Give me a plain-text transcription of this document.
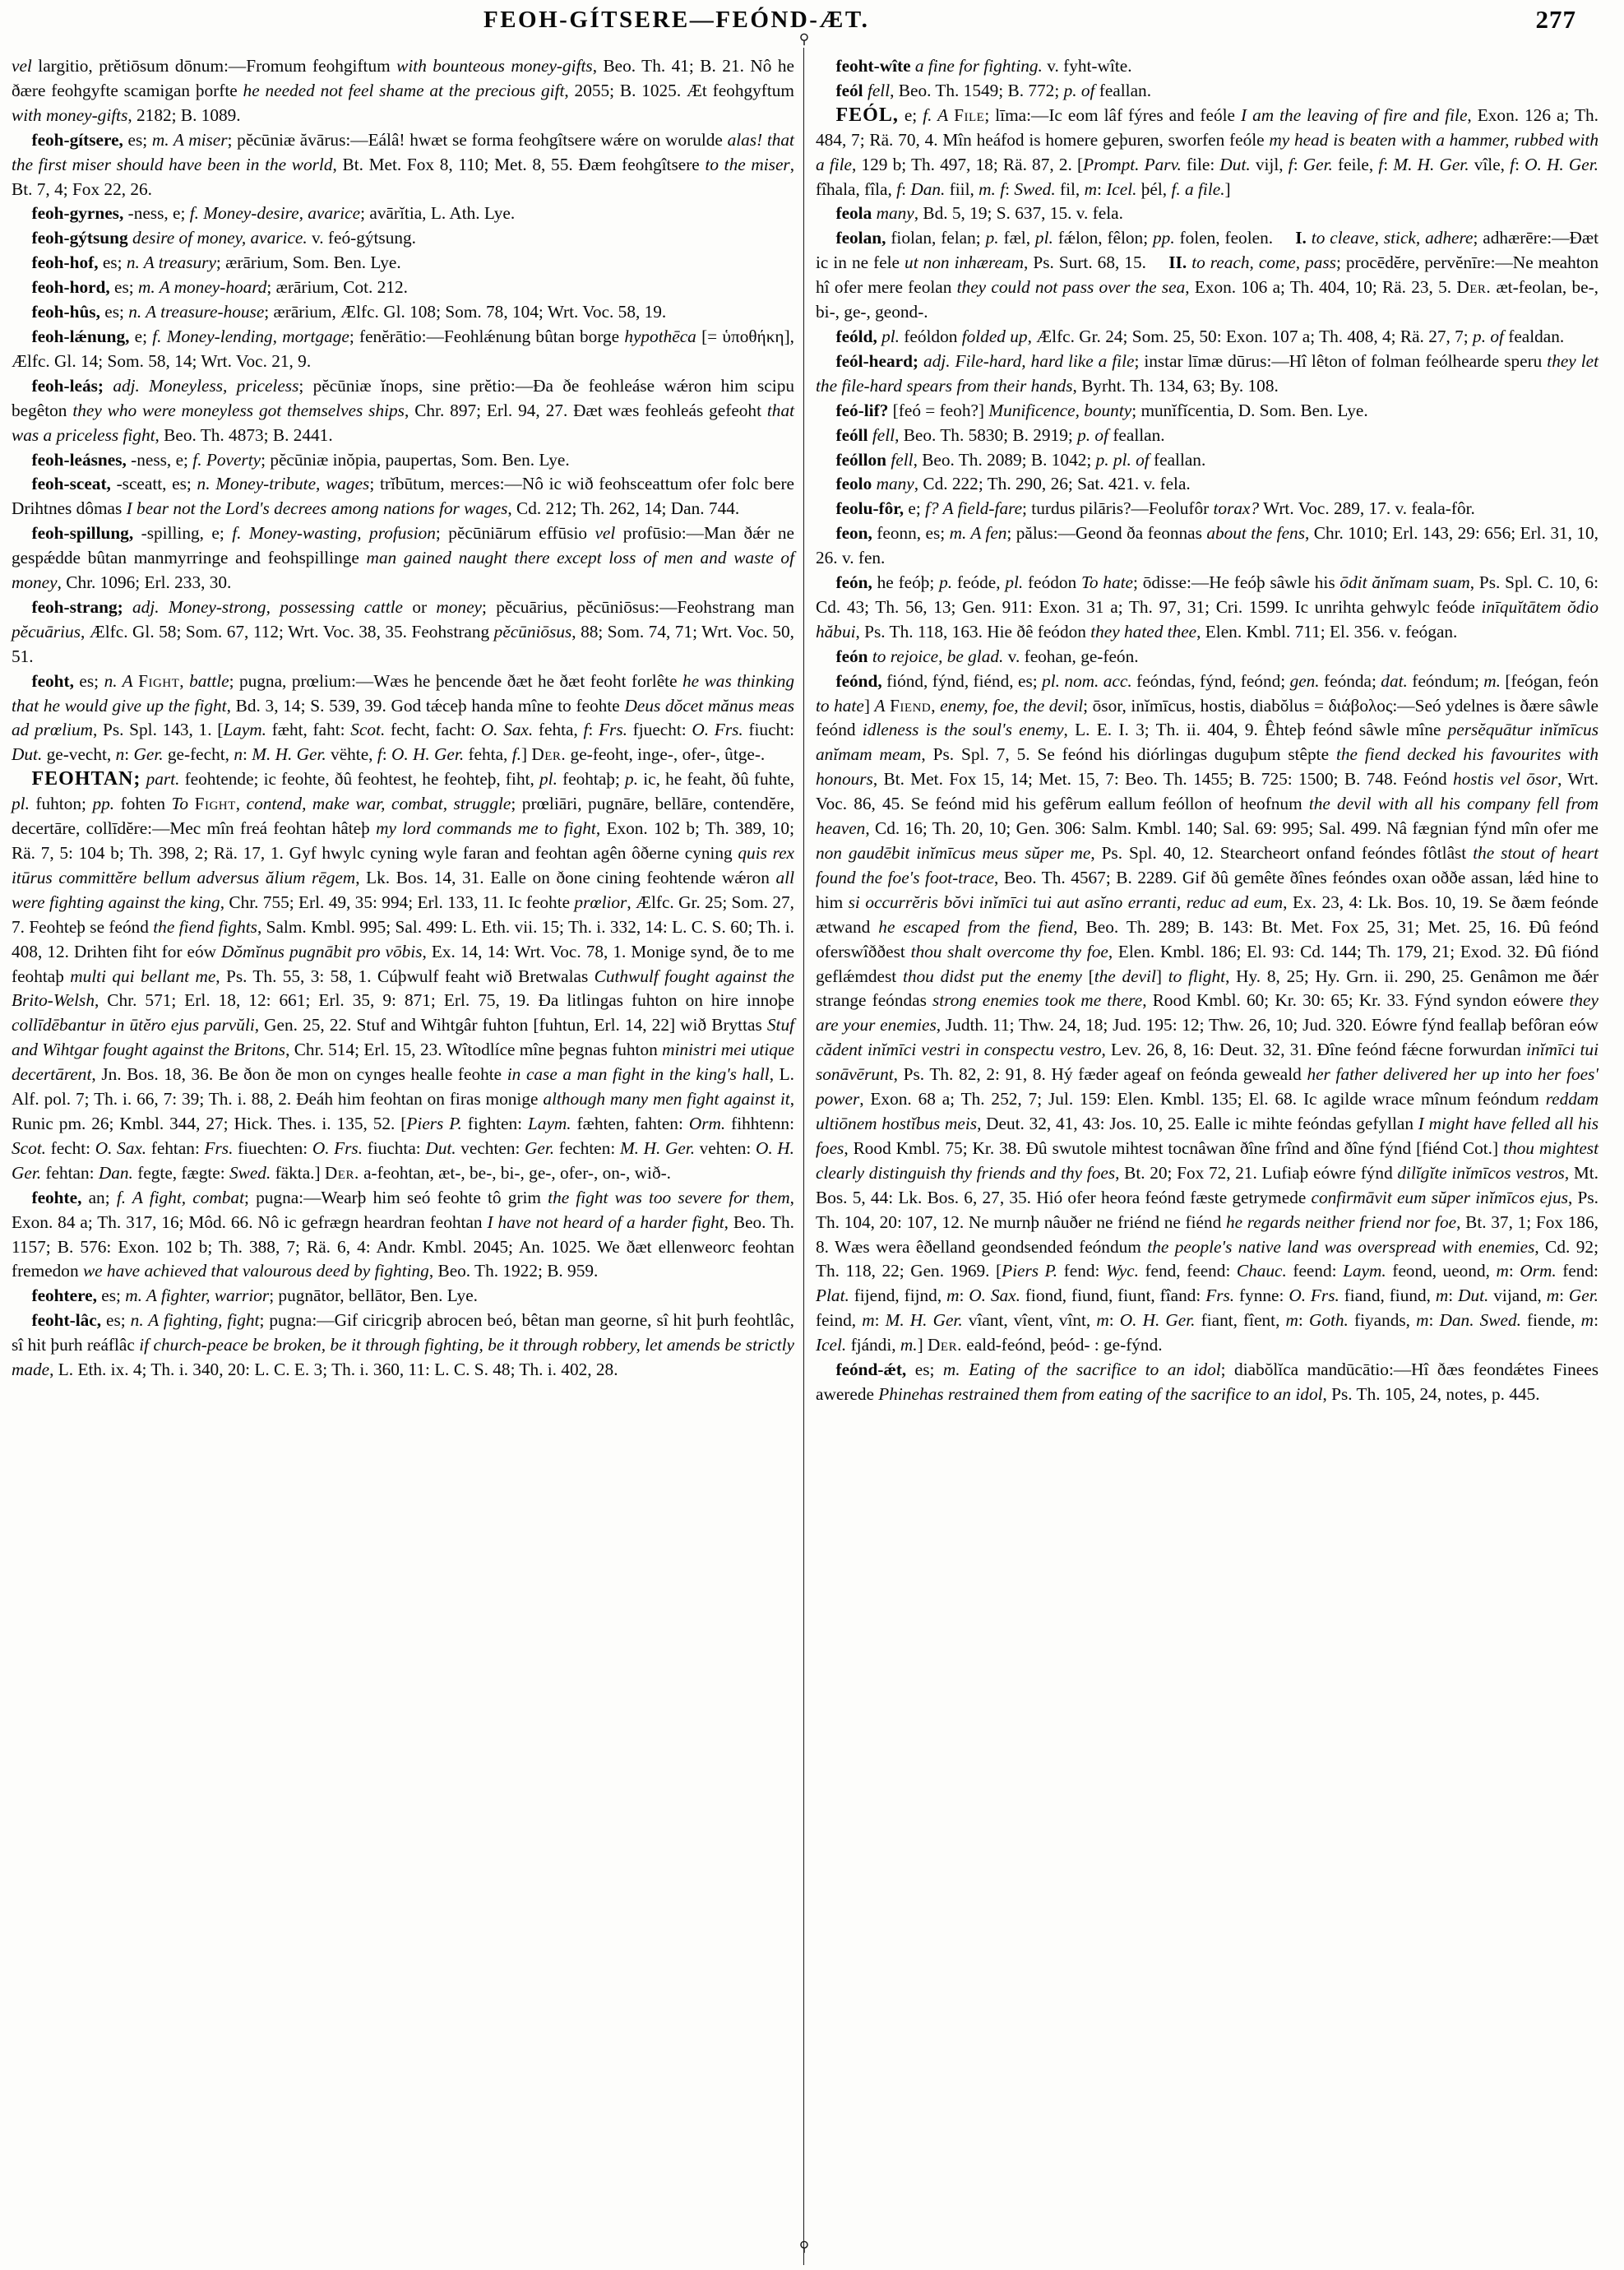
FEOH-GÍTSERE—FEÓND-ÆT.	277
⚲
⚲

vel largitio, prĕtiōsum dōnum:—Fromum feohgiftum with bounteous money-gifts, Beo. Th. 41; B. 21. Nô he ðære feohgyfte scamigan þorfte he needed not feel shame at the precious gift, 2055; B. 1025. Æt feohgyftum with money-gifts, 2182; B. 1089.

feoh-gítsere, es; m. A miser; pĕcūniæ ăvārus:—Eálâ! hwæt se forma feohgîtsere wǽre on worulde alas! that the first miser should have been in the world, Bt. Met. Fox 8, 110; Met. 8, 55. Ðæm feohgîtsere to the miser, Bt. 7, 4; Fox 22, 26.

feoh-gyrnes, -ness, e; f. Money-desire, avarice; avārĭtia, L. Ath. Lye.

feoh-gýtsung desire of money, avarice. v. feó-gýtsung.

feoh-hof, es; n. A treasury; ærārium, Som. Ben. Lye.

feoh-hord, es; m. A money-hoard; ærārium, Cot. 212.

feoh-hûs, es; n. A treasure-house; ærārium, Ælfc. Gl. 108; Som. 78, 104; Wrt. Voc. 58, 19.

feoh-lǽnung, e; f. Money-lending, mortgage; fenĕrātio:—Feohlǽnung bûtan borge hypothēca [= ὑποθήκη], Ælfc. Gl. 14; Som. 58, 14; Wrt. Voc. 21, 9.

feoh-leás; adj. Moneyless, priceless; pĕcūniæ ĭnops, sine prĕtio:—Ða ðe feohleáse wǽron him scipu begêton they who were moneyless got themselves ships, Chr. 897; Erl. 94, 27. Ðæt wæs feohleás gefeoht that was a priceless fight, Beo. Th. 4873; B. 2441.

feoh-leásnes, -ness, e; f. Poverty; pĕcūniæ inŏpia, paupertas, Som. Ben. Lye.

feoh-sceat, -sceatt, es; n. Money-tribute, wages; trĭbūtum, merces:—Nô ic wið feohsceattum ofer folc bere Drihtnes dômas I bear not the Lord's decrees among nations for wages, Cd. 212; Th. 262, 14; Dan. 744.

feoh-spillung, -spilling, e; f. Money-wasting, profusion; pĕcūniārum effūsio vel profūsio:—Man ðǽr ne gespǽdde bûtan manmyrringe and feohspillinge man gained naught there except loss of men and waste of money, Chr. 1096; Erl. 233, 30.

feoh-strang; adj. Money-strong, possessing cattle or money; pĕcuārius, pĕcūniōsus:—Feohstrang man pĕcuārius, Ælfc. Gl. 58; Som. 67, 112; Wrt. Voc. 38, 35. Feohstrang pĕcūniōsus, 88; Som. 74, 71; Wrt. Voc. 50, 51.

feoht, es; n. A Fight, battle; pugna, prœlium:—Wæs he þencende ðæt he ðæt feoht forlête he was thinking that he would give up the fight, Bd. 3, 14; S. 539, 39. God tǽceþ handa mîne to feohte Deus dŏcet mănus meas ad prœlium, Ps. Spl. 143, 1. [Laym. fæht, faht: Scot. fecht, facht: O. Sax. fehta, f: Frs. fjuecht: O. Frs. fiucht: Dut. ge-vecht, n: Ger. ge-fecht, n: M. H. Ger. vëhte, f: O. H. Ger. fehta, f.] Der. ge-feoht, inge-, ofer-, ûtge-.

FEOHTAN; part. feohtende; ic feohte, ðû feohtest, he feohteþ, fiht, pl. feohtaþ; p. ic, he feaht, ðû fuhte, pl. fuhton; pp. fohten To Fight, contend, make war, combat, struggle; prœliāri, pugnāre, bellāre, contendĕre, decertāre, collīdĕre:—Mec mîn freá feohtan hâteþ my lord commands me to fight, Exon. 102 b; Th. 389, 10; Rä. 7, 5: 104 b; Th. 398, 2; Rä. 17, 1. Gyf hwylc cyning wyle faran and feohtan agên ôðerne cyning quis rex itūrus committĕre bellum adversus ălium rēgem, Lk. Bos. 14, 31. Ealle on ðone cining feohtende wǽron all were fighting against the king, Chr. 755; Erl. 49, 35: 994; Erl. 133, 11. Ic feohte prœlior, Ælfc. Gr. 25; Som. 27, 7. Feohteþ se feónd the fiend fights, Salm. Kmbl. 995; Sal. 499: L. Eth. vii. 15; Th. i. 332, 14: L. C. S. 60; Th. i. 408, 12. Drihten fiht for eów Dŏmĭnus pugnābit pro vōbis, Ex. 14, 14: Wrt. Voc. 78, 1. Monige synd, ðe to me feohtaþ multi qui bellant me, Ps. Th. 55, 3: 58, 1. Cúþwulf feaht wið Bretwalas Cuthwulf fought against the Brito-Welsh, Chr. 571; Erl. 18, 12: 661; Erl. 35, 9: 871; Erl. 75, 19. Ða litlingas fuhton on hire innoþe collīdēbantur in ūtĕro ejus parvŭli, Gen. 25, 22. Stuf and Wihtgâr fuhton [fuhtun, Erl. 14, 22] wið Bryttas Stuf and Wihtgar fought against the Britons, Chr. 514; Erl. 15, 23. Wîtodlíce mîne þegnas fuhton ministri mei utique decertārent, Jn. Bos. 18, 36. Be ðon ðe mon on cynges healle feohte in case a man fight in the king's hall, L. Alf. pol. 7; Th. i. 66, 7: 39; Th. i. 88, 2. Ðeáh him feohtan on firas monige although many men fight against it, Runic pm. 26; Kmbl. 344, 27; Hick. Thes. i. 135, 52. [Piers P. fighten: Laym. fæhten, fahten: Orm. fihhtenn: Scot. fecht: O. Sax. fehtan: Frs. fiuechten: O. Frs. fiuchta: Dut. vechten: Ger. fechten: M. H. Ger. vehten: O. H. Ger. fehtan: Dan. fegte, fægte: Swed. fäkta.] Der. a-feohtan, æt-, be-, bi-, ge-, ofer-, on-, wið-.

feohte, an; f. A fight, combat; pugna:—Wearþ him seó feohte tô grim the fight was too severe for them, Exon. 84 a; Th. 317, 16; Môd. 66. Nô ic gefrægn heardran feohtan I have not heard of a harder fight, Beo. Th. 1157; B. 576: Exon. 102 b; Th. 388, 7; Rä. 6, 4: Andr. Kmbl. 2045; An. 1025. We ðæt ellenweorc feohtan fremedon we have achieved that valourous deed by fighting, Beo. Th. 1922; B. 959.

feohtere, es; m. A fighter, warrior; pugnātor, bellātor, Ben. Lye.

feoht-lâc, es; n. A fighting, fight; pugna:—Gif ciricgriþ abrocen beó, bêtan man georne, sî hit þurh feohtlâc, sî hit þurh reáflâc if church-peace be broken, be it through fighting, be it through robbery, let amends be strictly made, L. Eth. ix. 4; Th. i. 340, 20: L. C. E. 3; Th. i. 360, 11: L. C. S. 48; Th. i. 402, 28.

feoht-wîte a fine for fighting. v. fyht-wîte.

feól fell, Beo. Th. 1549; B. 772; p. of feallan.

FEÓL, e; f. A File; līma:—Ic eom lâf fýres and feóle I am the leaving of fire and file, Exon. 126 a; Th. 484, 7; Rä. 70, 4. Mîn heáfod is homere geþuren, sworfen feóle my head is beaten with a hammer, rubbed with a file, 129 b; Th. 497, 18; Rä. 87, 2. [Prompt. Parv. file: Dut. vijl, f: Ger. feile, f: M. H. Ger. vîle, f: O. H. Ger. fîhala, fîla, f: Dan. fiil, m. f: Swed. fil, m: Icel. þél, f. a file.]

feola many, Bd. 5, 19; S. 637, 15. v. fela.

feolan, fiolan, felan; p. fæl, pl. fǽlon, fêlon; pp. folen, feolen.  I. to cleave, stick, adhere; adhærēre:—Ðæt ic in ne fele ut non inhæream, Ps. Surt. 68, 15.  II. to reach, come, pass; procēdĕre, pervĕnīre:—Ne meahton hî ofer mere feolan they could not pass over the sea, Exon. 106 a; Th. 404, 10; Rä. 23, 5. Der. æt-feolan, be-, bi-, ge-, geond-.

feóld, pl. feóldon folded up, Ælfc. Gr. 24; Som. 25, 50: Exon. 107 a; Th. 408, 4; Rä. 27, 7; p. of fealdan.

feól-heard; adj. File-hard, hard like a file; instar līmæ dūrus:—Hî lêton of folman feólhearde speru they let the file-hard spears from their hands, Byrht. Th. 134, 63; By. 108.

feó-lif? [feó = feoh?] Munificence, bounty; munĭfĭcentia, D. Som. Ben. Lye.

feóll fell, Beo. Th. 5830; B. 2919; p. of feallan.

feóllon fell, Beo. Th. 2089; B. 1042; p. pl. of feallan.

feolo many, Cd. 222; Th. 290, 26; Sat. 421. v. fela.

feolu-fôr, e; f? A field-fare; turdus pilāris?—Feolufôr torax? Wrt. Voc. 289, 17. v. feala-fôr.

feon, feonn, es; m. A fen; pălus:—Geond ða feonnas about the fens, Chr. 1010; Erl. 143, 29: 656; Erl. 31, 10, 26. v. fen.

feón, he feóþ; p. feóde, pl. feódon To hate; ōdisse:—He feóþ sâwle his ōdit ănĭmam suam, Ps. Spl. C. 10, 6: Cd. 43; Th. 56, 13; Gen. 911: Exon. 31 a; Th. 97, 31; Cri. 1599. Ic unrihta gehwylc feóde inīquĭtātem ŏdio hăbui, Ps. Th. 118, 163. Hie ðê feódon they hated thee, Elen. Kmbl. 711; El. 356. v. feógan.

feón to rejoice, be glad. v. feohan, ge-feón.

feónd, fiónd, fýnd, fiénd, es; pl. nom. acc. feóndas, fýnd, feónd; gen. feónda; dat. feóndum; m. [feógan, feón to hate] A Fiend, enemy, foe, the devil; ōsor, inĭmīcus, hostis, diabŏlus = διάβολος:—Seó ydelnes is ðære sâwle feónd idleness is the soul's enemy, L. E. I. 3; Th. ii. 404, 9. Êhteþ feónd sâwle mîne persĕquātur inĭmīcus anĭmam meam, Ps. Spl. 7, 5. Se feónd his diórlingas duguþum stêpte the fiend decked his favourites with honours, Bt. Met. Fox 15, 14; Met. 15, 7: Beo. Th. 1455; B. 725: 1500; B. 748. Feónd hostis vel ōsor, Wrt. Voc. 86, 45. Se feónd mid his gefêrum eallum feóllon of heofnum the devil with all his company fell from heaven, Cd. 16; Th. 20, 10; Gen. 306: Salm. Kmbl. 140; Sal. 69: 995; Sal. 499. Nâ fægnian fýnd mîn ofer me non gaudēbit inĭmīcus meus sŭper me, Ps. Spl. 40, 12. Stearcheort onfand feóndes fôtlâst the stout of heart found the foe's foot-trace, Beo. Th. 4567; B. 2289. Gif ðû gemête ðînes feóndes oxan oððe assan, lǽd hine to him si occurrĕris bŏvi inĭmīci tui aut asĭno erranti, reduc ad eum, Ex. 23, 4: Lk. Bos. 10, 19. Se ðæm feónde ætwand he escaped from the fiend, Beo. Th. 289; B. 143: Bt. Met. Fox 25, 31; Met. 25, 16. Ðû feónd oferswîððest thou shalt overcome thy foe, Elen. Kmbl. 186; El. 93: Cd. 144; Th. 179, 21; Exod. 32. Ðû fiónd geflǽmdest thou didst put the enemy [the devil] to flight, Hy. 8, 25; Hy. Grn. ii. 290, 25. Genâmon me ðǽr strange feóndas strong enemies took me there, Rood Kmbl. 60; Kr. 30: 65; Kr. 33. Fýnd syndon eówere they are your enemies, Judth. 11; Thw. 24, 18; Jud. 195: 12; Thw. 26, 10; Jud. 320. Eówre fýnd feallaþ befôran eów cădent inĭmīci vestri in conspectu vestro, Lev. 26, 8, 16: Deut. 32, 31. Ðîne feónd fǽcne forwurdan inĭmīci tui sonāvērunt, Ps. Th. 82, 2: 91, 8. Hý fæder ageaf on feónda geweald her father delivered her up into her foes' power, Exon. 68 a; Th. 252, 7; Jul. 159: Elen. Kmbl. 135; El. 68. Ic agilde wrace mînum feóndum reddam ultiōnem hostĭbus meis, Deut. 32, 41, 43: Jos. 10, 25. Ealle ic mihte feóndas gefyllan I might have felled all his foes, Rood Kmbl. 75; Kr. 38. Ðû swutole mihtest tocnâwan ðîne frînd and ðîne fýnd [fiénd Cot.] thou mightest clearly distinguish thy friends and thy foes, Bt. 20; Fox 72, 21. Lufiaþ eówre fýnd dilĭgĭte inĭmīcos vestros, Mt. Bos. 5, 44: Lk. Bos. 6, 27, 35. Hió ofer heora feónd fæste getrymede confirmāvit eum sŭper inĭmīcos ejus, Ps. Th. 104, 20: 107, 12. Ne murnþ nâuðer ne friénd ne fiénd he regards neither friend nor foe, Bt. 37, 1; Fox 186, 8. Wæs wera êðelland geondsended feóndum the people's native land was overspread with enemies, Cd. 92; Th. 118, 22; Gen. 1969. [Piers P. fend: Wyc. fend, feend: Chauc. feend: Laym. feond, ueond, m: Orm. fend: Plat. fijend, fijnd, m: O. Sax. fiond, fiund, fiunt, fîand: Frs. fynne: O. Frs. fiand, fiund, m: Dut. vijand, m: Ger. feind, m: M. H. Ger. vîant, vîent, vînt, m: O. H. Ger. fiant, fîent, m: Goth. fiyands, m: Dan. Swed. fiende, m: Icel. fjándi, m.] Der. eald-feónd, þeód- : ge-fýnd.

feónd-ǽt, es; m. Eating of the sacrifice to an idol; diabŏlĭca mandūcātio:—Hî ðæs feondǽtes Finees awerede Phinehas restrained them from eating of the sacrifice to an idol, Ps. Th. 105, 24, notes, p. 445.
